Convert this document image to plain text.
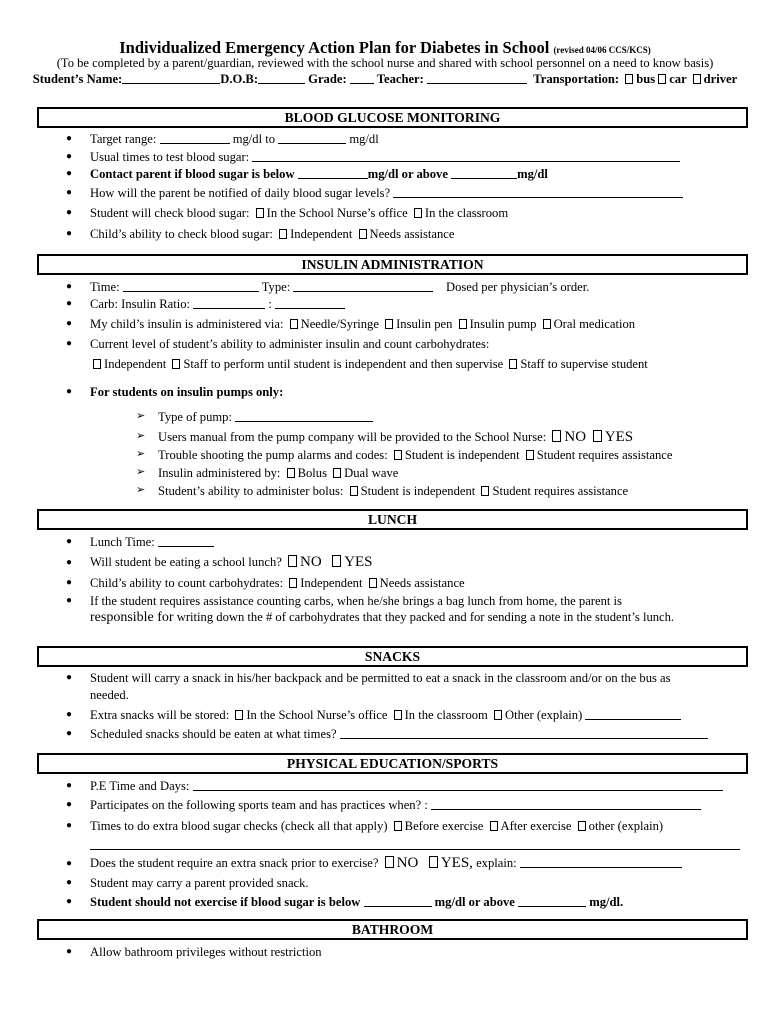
Individualized Emergency Action Plan for Diabetes in School (revised 04/06 CCS/KCS)
(To be completed by a parent/guardian, reviewed with the school nurse and shared with school personnel on a need to know basis)
Student’s Name:	D.O.B:	Grade: Teacher:	Transportation: bus car driver
BLOOD GLUCOSE MONITORING
● Target range:	mg/dl to	mg/dl
● Usual times to test blood sugar:
● Contact parent if blood sugar is below	mg/dl or above	mg/dl
● How will the parent be notified of daily blood sugar levels?
● Student will check blood sugar: In the School Nurse’s office In the classroom
● Child’s ability to check blood sugar: Independent Needs assistance
INSULIN ADMINISTRATION
● Time:	Type:	Dosed per physician’s order.
● Carb: Insulin Ratio:	:
● My child’s insulin is administered via: Needle/Syringe Insulin pen Insulin pump Oral medication
● Current level of student’s ability to administer insulin and count carbohydrates:
Independent Staff to perform until student is independent and then supervise Staff to supervise student
● For students on insulin pumps only:
➢ Type of pump:
➢ Users manual from the pump company will be provided to the School Nurse: NO YES
➢ Trouble shooting the pump alarms and codes: Student is independent Student requires assistance
➢ Insulin administered by: Bolus Dual wave
➢ Student’s ability to administer bolus: Student is independent Student requires assistance
LUNCH
● Lunch Time:
● Will student be eating a school lunch? NO YES
● Child’s ability to count carbohydrates: Independent Needs assistance
● If the student requires assistance counting carbs, when he/she brings a bag lunch from home, the parent is
responsible for writing down the # of carbohydrates that they packed and for sending a note in the student’s lunch.
SNACKS
● Student will carry a snack in his/her backpack and be permitted to eat a snack in the classroom and/or on the bus as
needed.
● Extra snacks will be stored: In the School Nurse’s office In the classroom Other (explain)
● Scheduled snacks should be eaten at what times?
PHYSICAL EDUCATION/SPORTS
● P.E Time and Days:
● Participates on the following sports team and has practices when? :
● Times to do extra blood sugar checks (check all that apply) Before exercise After exercise other (explain)
● Does the student require an extra snack prior to exercise? NO YES, explain:
● Student may carry a parent provided snack.
● Student should not exercise if blood sugar is below	mg/dl or above	mg/dl.
BATHROOM
● Allow bathroom privileges without restriction
